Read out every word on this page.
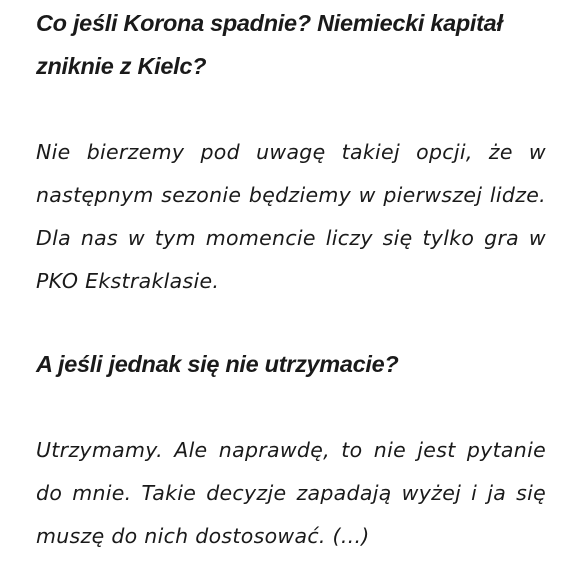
Co jeśli Korona spadnie? Niemiecki kapitał zniknie z Kielc?

Nie bierzemy pod uwagę takiej opcji, że w następnym sezonie będziemy w pierwszej lidze. Dla nas w tym momencie liczy się tylko gra w PKO Ekstraklasie.

A jeśli jednak się nie utrzymacie?

Utrzymamy. Ale naprawdę, to nie jest pytanie do mnie. Takie decyzje zapadają wyżej i ja się muszę do nich dostosować. (...)
